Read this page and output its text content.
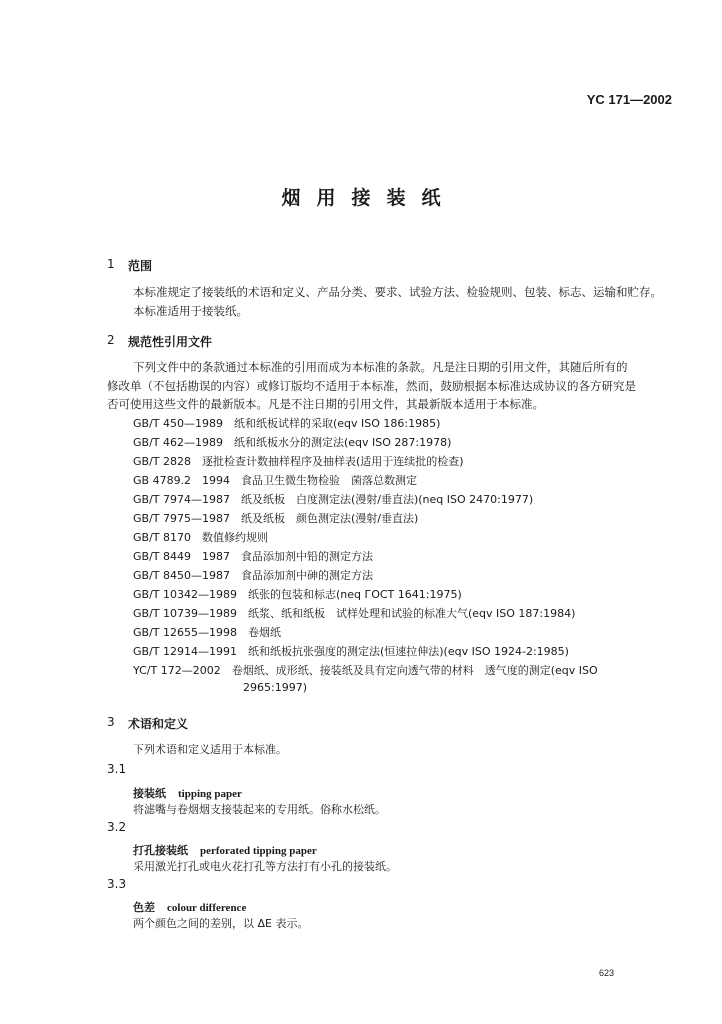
YC 171—2002
烟用接装纸
1 范围

本标准规定了接装纸的术语和定义、产品分类、要求、试验方法、检验规则、包装、标志、运输和贮存。

本标准适用于接装纸。

2 规范性引用文件

下列文件中的条款通过本标准的引用而成为本标准的条款。凡是注日期的引用文件，其随后所有的

修改单（不包括勘误的内容）或修订版均不适用于本标准，然而，鼓励根据本标准达成协议的各方研究是

否可使用这些文件的最新版本。凡是不注日期的引用文件，其最新版本适用于本标准。

GB/T 450—1989　纸和纸板试样的采取(eqv ISO 186:1985)
GB/T 462—1989　纸和纸板水分的测定法(eqv ISO 287:1978)
GB/T 2828　逐批检查计数抽样程序及抽样表(适用于连续批的检查)
GB 4789.2　1994　食品卫生微生物检验　菌落总数测定
GB/T 7974—1987　纸及纸板　白度测定法(漫射/垂直法)(neq ISO 2470:1977)
GB/T 7975—1987　纸及纸板　颜色测定法(漫射/垂直法)
GB/T 8170　数值修约规则
GB/T 8449　1987　食品添加剂中铅的测定方法
GB/T 8450—1987　食品添加剂中砷的测定方法
GB/T 10342—1989　纸张的包装和标志(neq ГОСТ 1641:1975)
GB/T 10739—1989　纸浆、纸和纸板　试样处理和试验的标准大气(eqv ISO 187:1984)
GB/T 12655—1998　卷烟纸
GB/T 12914—1991　纸和纸板抗张强度的测定法(恒速拉伸法)(eqv ISO 1924-2:1985)
YC/T 172—2002　卷烟纸、成形纸、接装纸及具有定向透气带的材料　透气度的测定(eqv ISO
2965:1997)
3 术语和定义
下列术语和定义适用于本标准。
3.1
接装纸 tipping paper
将滤嘴与卷烟烟支接装起来的专用纸。俗称水松纸。
3.2
打孔接装纸 perforated tipping paper
采用激光打孔或电火花打孔等方法打有小孔的接装纸。
3.3
色差 colour difference
两个颜色之间的差别，以 ΔE 表示。
623
